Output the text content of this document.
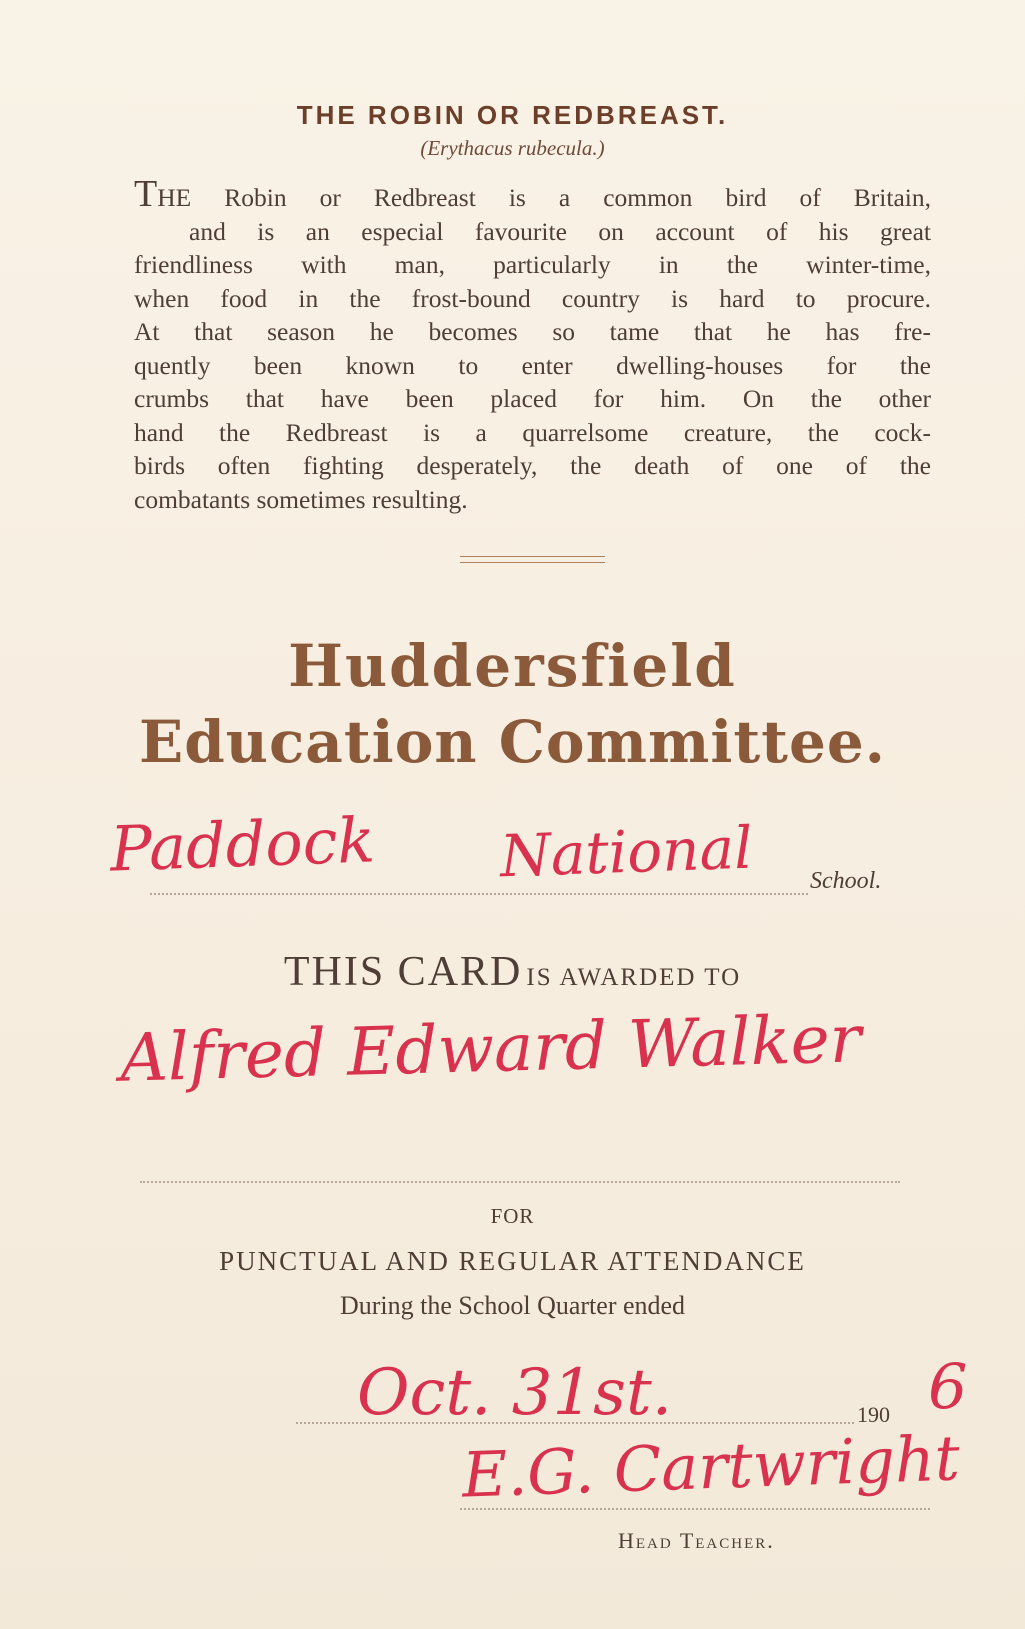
THE ROBIN OR REDBREAST.
(Erythacus rubecula.)
THE Robin or Redbreast is a common bird of Britain,
and is an especial favourite on account of his great
friendliness with man, particularly in the winter-time,
when food in the frost-bound country is hard to procure.
At that season he becomes so tame that he has fre-
quently been known to enter dwelling-houses for the
crumbs that have been placed for him. On the other
hand the Redbreast is a quarrelsome creature, the cock-
birds often fighting desperately, the death of one of the
combatants sometimes resulting.
Huddersfield
Education Committee.
Paddock National School.
THIS CARD IS AWARDED TO
Alfred Edward Walker
FOR
PUNCTUAL AND REGULAR ATTENDANCE
During the School Quarter ended
Oct. 31st.	190 6
E.G. Cartwright
Head Teacher.
